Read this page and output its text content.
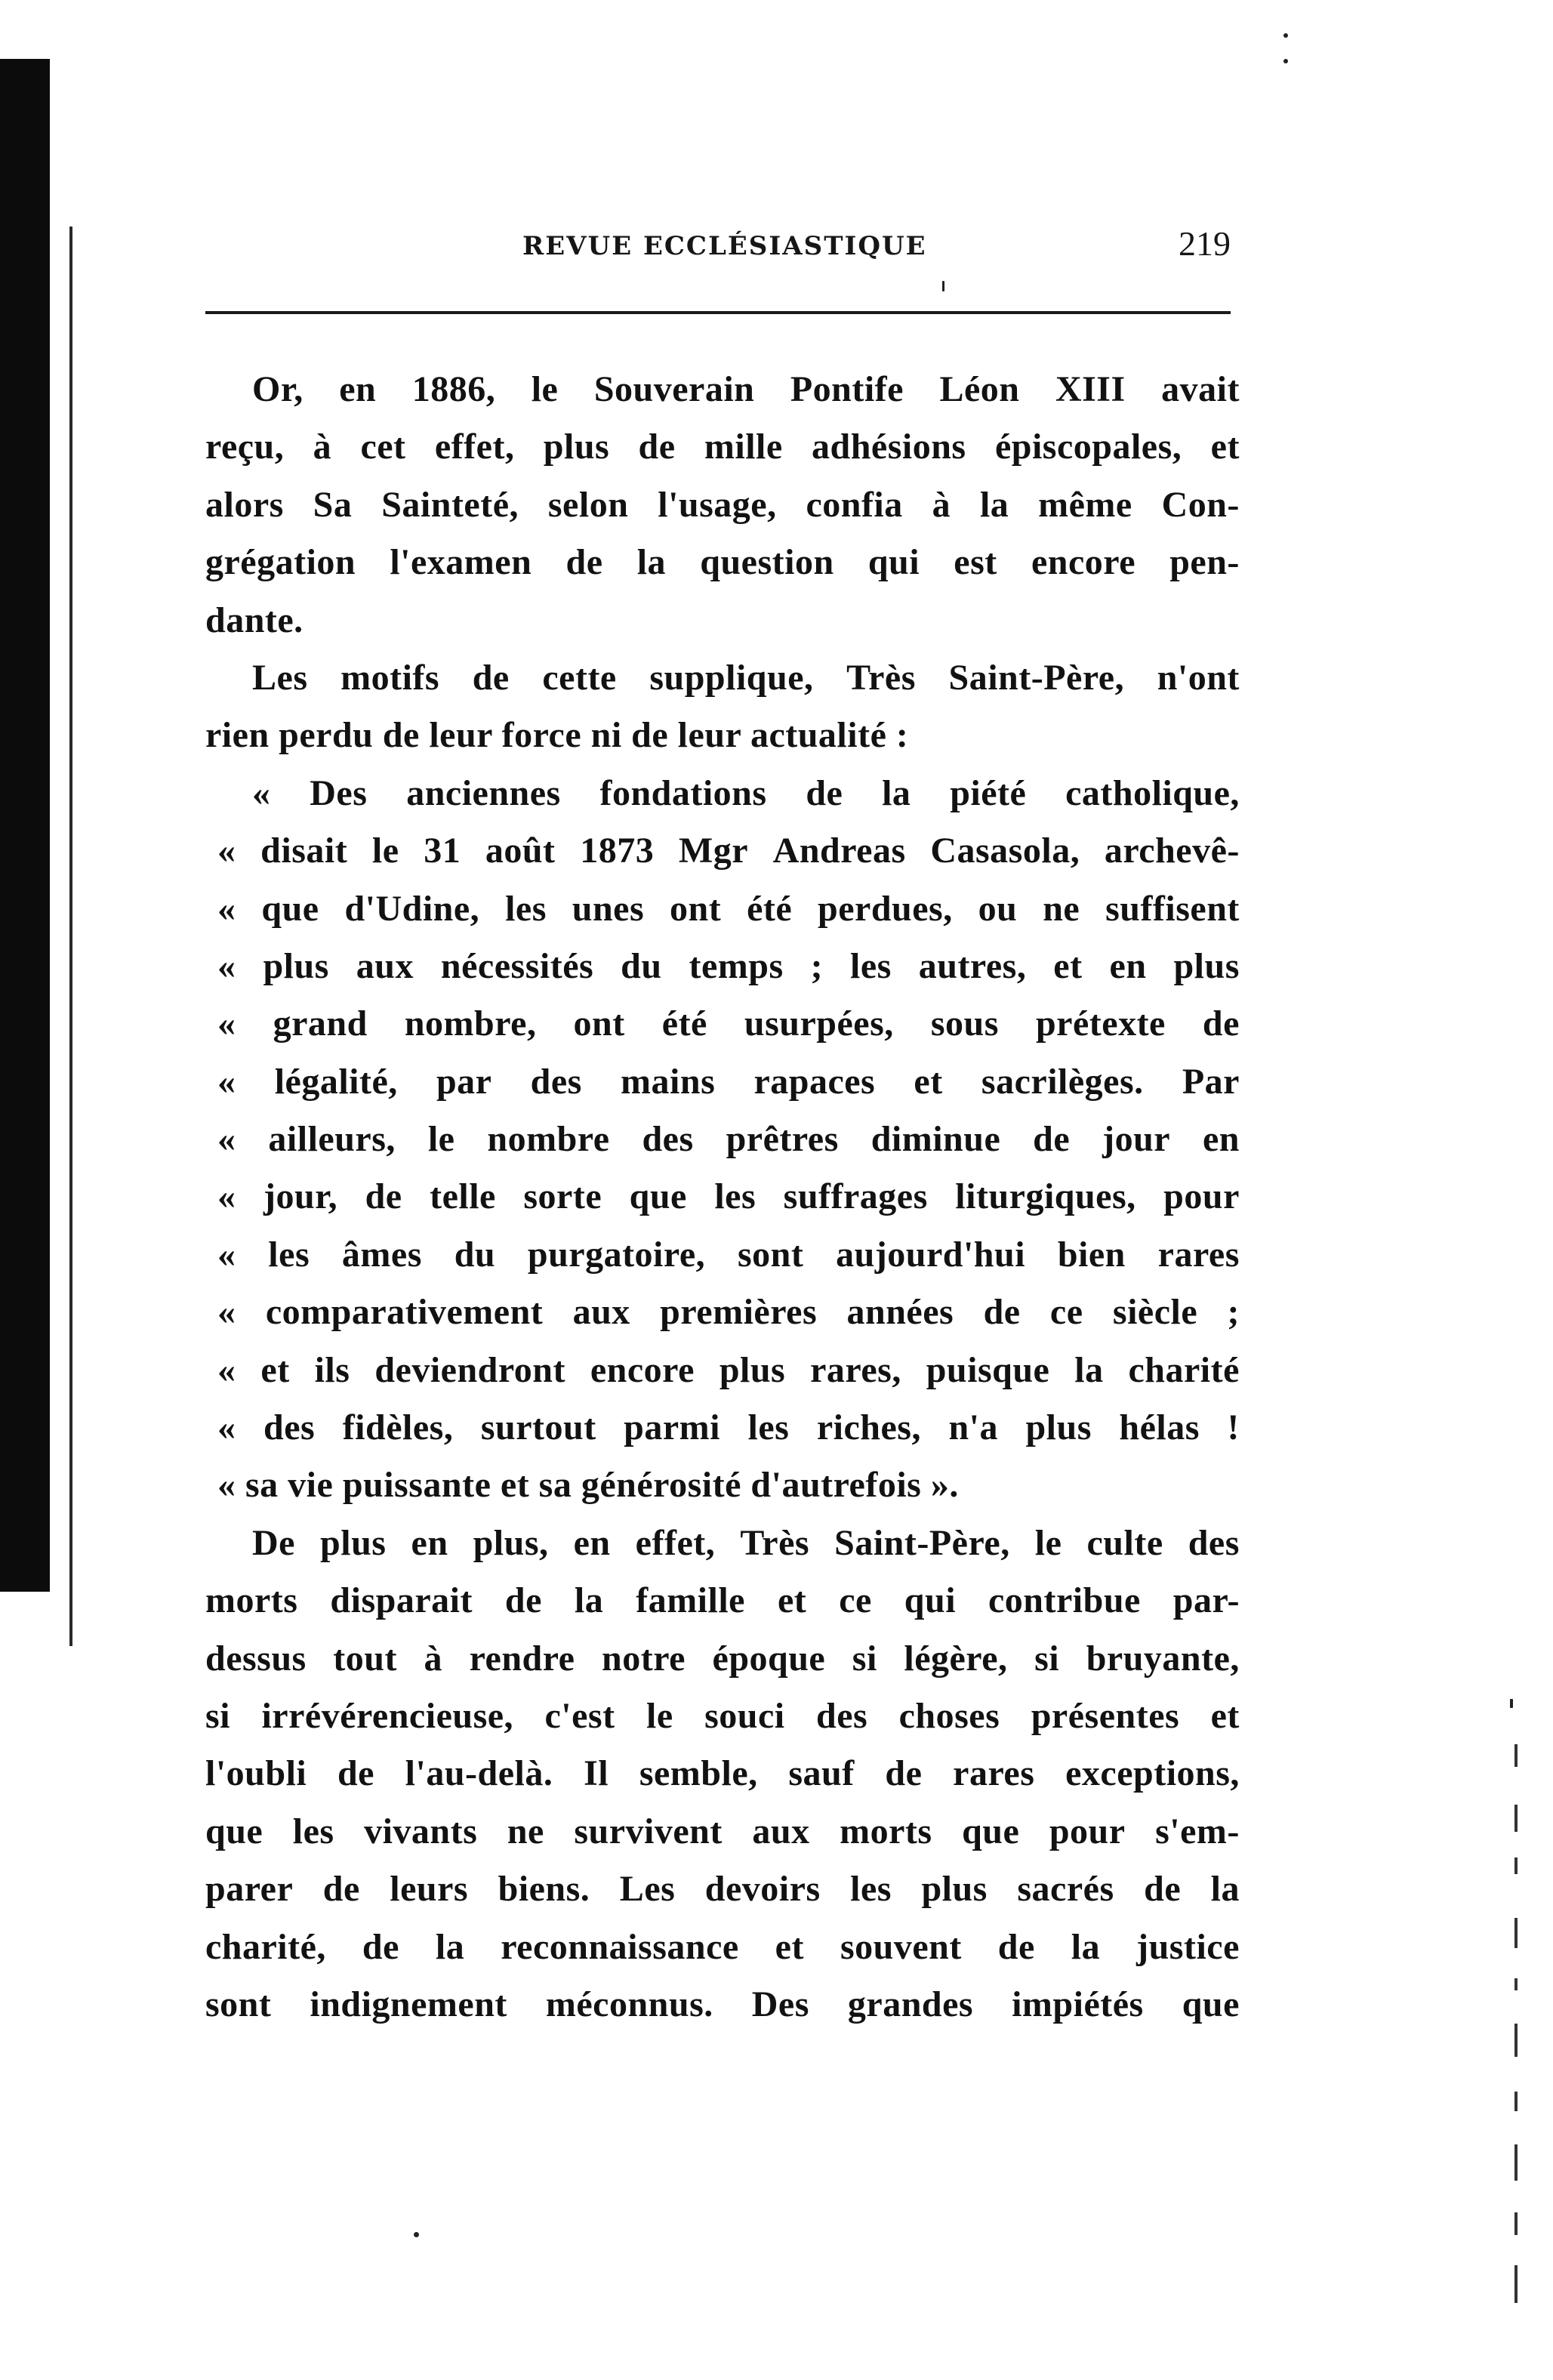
REVUE ECCLÉSIASTIQUE	219
Or, en 1886, le Souverain Pontife Léon XIII avait
reçu, à cet effet, plus de mille adhésions épiscopales, et
alors Sa Sainteté, selon l'usage, confia à la même Con-
grégation l'examen de la question qui est encore pen-
dante.
Les motifs de cette supplique, Très Saint-Père, n'ont
rien perdu de leur force ni de leur actualité :
« Des anciennes fondations de la piété catholique,
« disait le 31 août 1873 Mgr Andreas Casasola, archevê-
« que d'Udine, les unes ont été perdues, ou ne suffisent
« plus aux nécessités du temps ; les autres, et en plus
« grand nombre, ont été usurpées, sous prétexte de
« légalité, par des mains rapaces et sacrilèges. Par
« ailleurs, le nombre des prêtres diminue de jour en
« jour, de telle sorte que les suffrages liturgiques, pour
« les âmes du purgatoire, sont aujourd'hui bien rares
« comparativement aux premières années de ce siècle ;
« et ils deviendront encore plus rares, puisque la charité
« des fidèles, surtout parmi les riches, n'a plus hélas !
« sa vie puissante et sa générosité d'autrefois ».
De plus en plus, en effet, Très Saint-Père, le culte des
morts disparait de la famille et ce qui contribue par-
dessus tout à rendre notre époque si légère, si bruyante,
si irrévérencieuse, c'est le souci des choses présentes et
l'oubli de l'au-delà. Il semble, sauf de rares exceptions,
que les vivants ne survivent aux morts que pour s'em-
parer de leurs biens. Les devoirs les plus sacrés de la
charité, de la reconnaissance et souvent de la justice
sont indignement méconnus. Des grandes impiétés que
